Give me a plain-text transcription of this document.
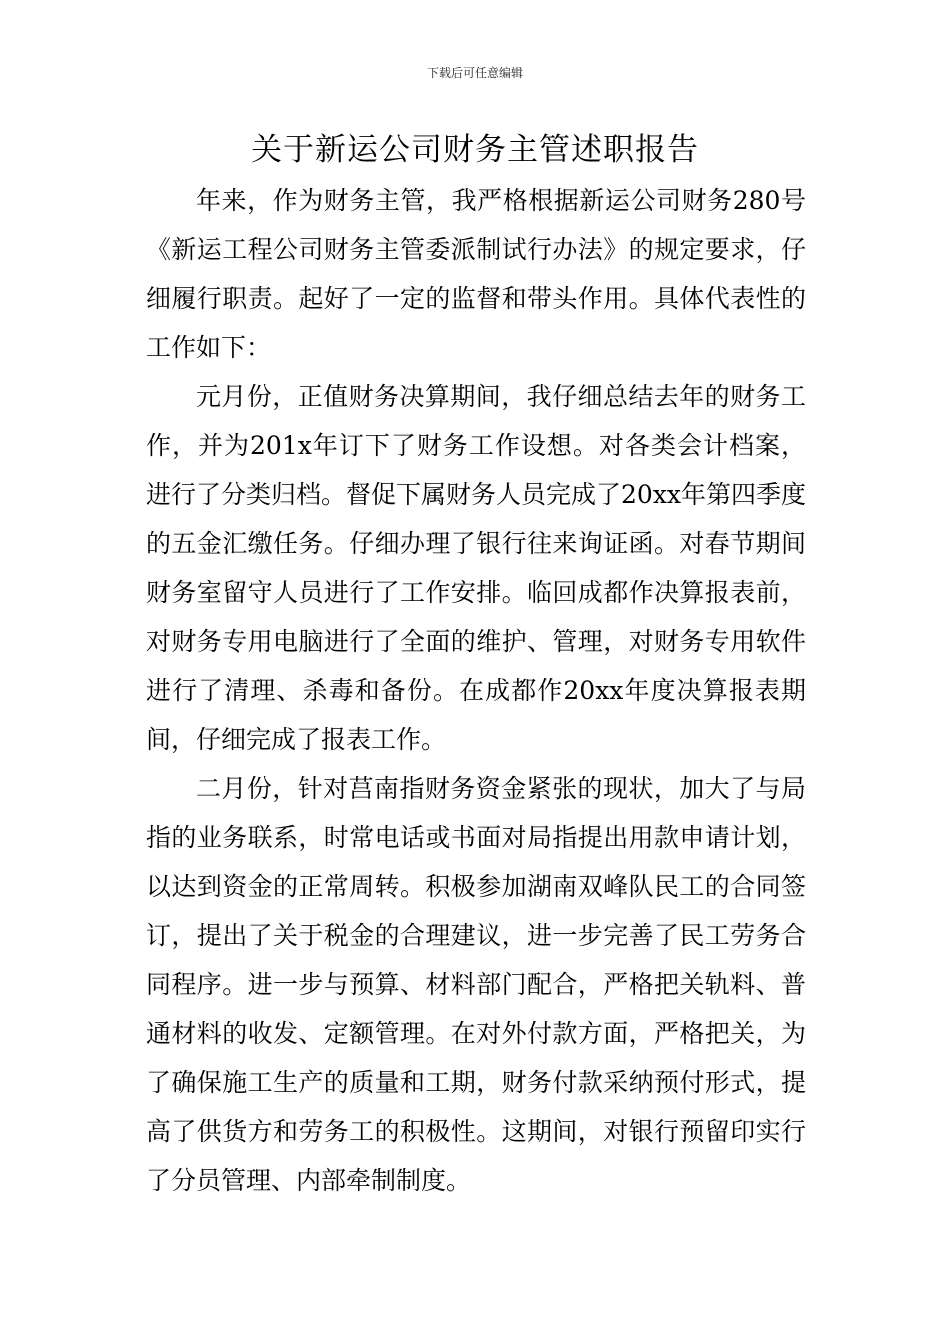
下载后可任意编辑
关于新运公司财务主管述职报告

年来，作为财务主管，我严格根据新运公司财务280号《新运工程公司财务主管委派制试行办法》的规定要求，仔细履行职责。起好了一定的监督和带头作用。具体代表性的工作如下：

元月份，正值财务决算期间，我仔细总结去年的财务工作，并为201x年订下了财务工作设想。对各类会计档案，进行了分类归档。督促下属财务人员完成了20xx年第四季度的五金汇缴任务。仔细办理了银行往来询证函。对春节期间财务室留守人员进行了工作安排。临回成都作决算报表前，对财务专用电脑进行了全面的维护、管理，对财务专用软件进行了清理、杀毒和备份。在成都作20xx年度决算报表期间，仔细完成了报表工作。

二月份，针对莒南指财务资金紧张的现状，加大了与局指的业务联系，时常电话或书面对局指提出用款申请计划，以达到资金的正常周转。积极参加湖南双峰队民工的合同签订，提出了关于税金的合理建议，进一步完善了民工劳务合同程序。进一步与预算、材料部门配合，严格把关轨料、普通材料的收发、定额管理。在对外付款方面，严格把关，为了确保施工生产的质量和工期，财务付款采纳预付形式，提高了供货方和劳务工的积极性。这期间，对银行预留印实行了分员管理、内部牵制制度。
